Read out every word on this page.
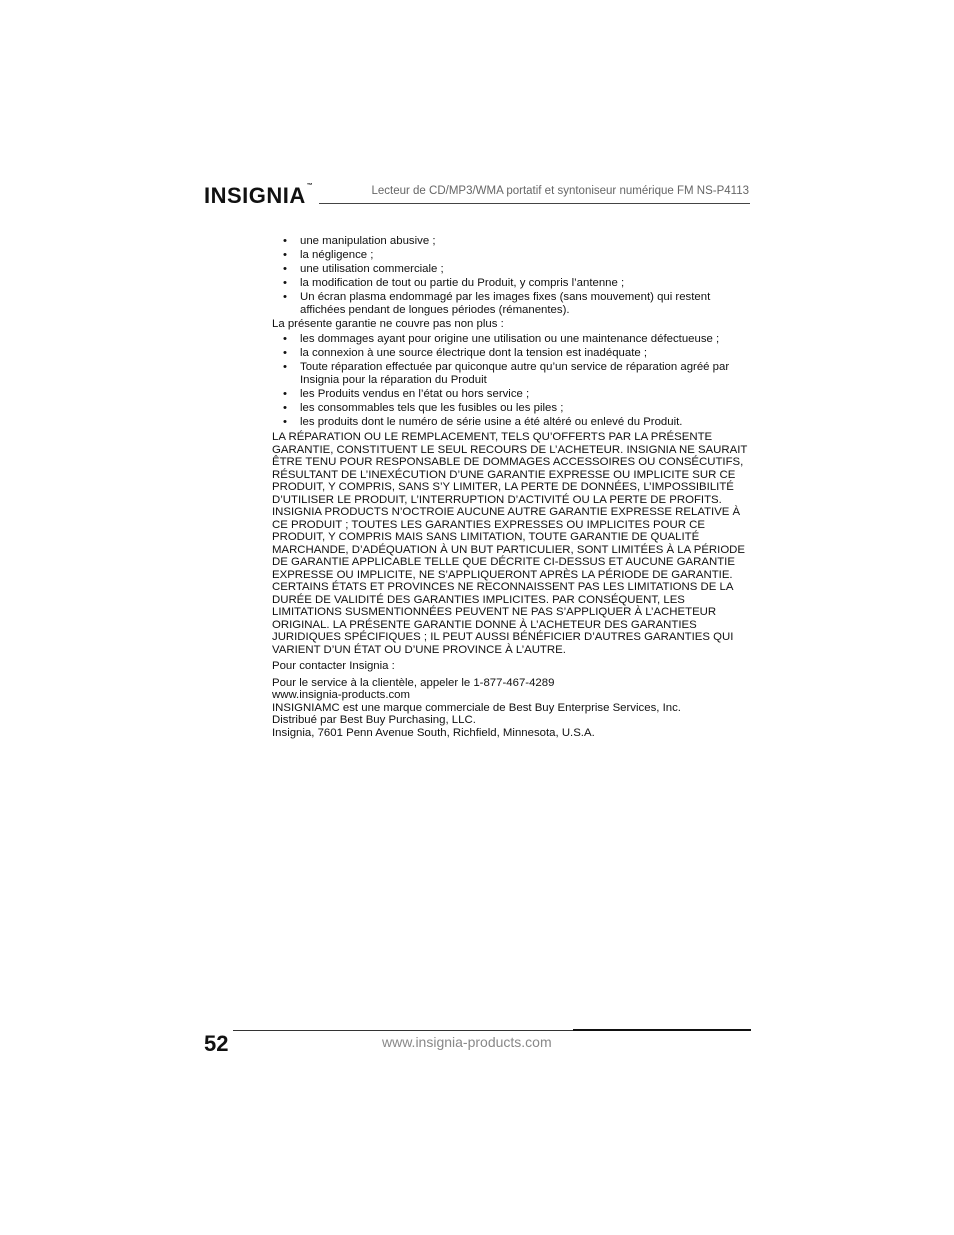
INSIGNIA™	Lecteur de CD/MP3/WMA portatif et syntoniseur numérique FM NS-P4113
• une manipulation abusive ;
• la négligence ;
• une utilisation commerciale ;
• la modification de tout ou partie du Produit, y compris l’antenne ;
• Un écran plasma endommagé par les images fixes (sans mouvement) qui restent affichées pendant de longues périodes (rémanentes).

La présente garantie ne couvre pas non plus :

• les dommages ayant pour origine une utilisation ou une maintenance défectueuse ;
• la connexion à une source électrique dont la tension est inadéquate ;
• Toute réparation effectuée par quiconque autre qu’un service de réparation agréé par Insignia pour la réparation du Produit
• les Produits vendus en l’état ou hors service ;
• les consommables tels que les fusibles ou les piles ;
• les produits dont le numéro de série usine a été altéré ou enlevé du Produit.

LA RÉPARATION OU LE REMPLACEMENT, TELS QU’OFFERTS PAR LA PRÉSENTE GARANTIE, CONSTITUENT LE SEUL RECOURS DE L’ACHETEUR. INSIGNIA NE SAURAIT ÊTRE TENU POUR RESPONSABLE DE DOMMAGES ACCESSOIRES OU CONSÉCUTIFS, RÉSULTANT DE L’INEXÉCUTION D’UNE GARANTIE EXPRESSE OU IMPLICITE SUR CE PRODUIT, Y COMPRIS, SANS S’Y LIMITER, LA PERTE DE DONNÉES, L’IMPOSSIBILITÉ D’UTILISER LE PRODUIT, L’INTERRUPTION D’ACTIVITÉ OU LA PERTE DE PROFITS. INSIGNIA PRODUCTS N’OCTROIE AUCUNE AUTRE GARANTIE EXPRESSE RELATIVE À CE PRODUIT ; TOUTES LES GARANTIES EXPRESSES OU IMPLICITES POUR CE PRODUIT, Y COMPRIS MAIS SANS LIMITATION, TOUTE GARANTIE DE QUALITÉ MARCHANDE, D’ADÉQUATION À UN BUT PARTICULIER, SONT LIMITÉES À LA PÉRIODE DE GARANTIE APPLICABLE TELLE QUE DÉCRITE CI-DESSUS ET AUCUNE GARANTIE EXPRESSE OU IMPLICITE, NE S’APPLIQUERONT APRÈS LA PÉRIODE DE GARANTIE. CERTAINS ÉTATS ET PROVINCES NE RECONNAISSENT PAS LES LIMITATIONS DE LA DURÉE DE VALIDITÉ DES GARANTIES IMPLICITES. PAR CONSÉQUENT, LES LIMITATIONS SUSMENTIONNÉES PEUVENT NE PAS S’APPLIQUER À L’ACHETEUR ORIGINAL. LA PRÉSENTE GARANTIE DONNE À L’ACHETEUR DES GARANTIES JURIDIQUES SPÉCIFIQUES ; IL PEUT AUSSI BÉNÉFICIER D’AUTRES GARANTIES QUI VARIENT D’UN ÉTAT OU D’UNE PROVINCE À L’AUTRE.

Pour contacter Insignia :

Pour le service à la clientèle, appeler le 1-877-467-4289

www.insignia-products.com

INSIGNIAMC est une marque commerciale de Best Buy Enterprise Services, Inc.

Distribué par Best Buy Purchasing, LLC.

Insignia, 7601 Penn Avenue South, Richfield, Minnesota, U.S.A.

52	www.insignia-products.com
